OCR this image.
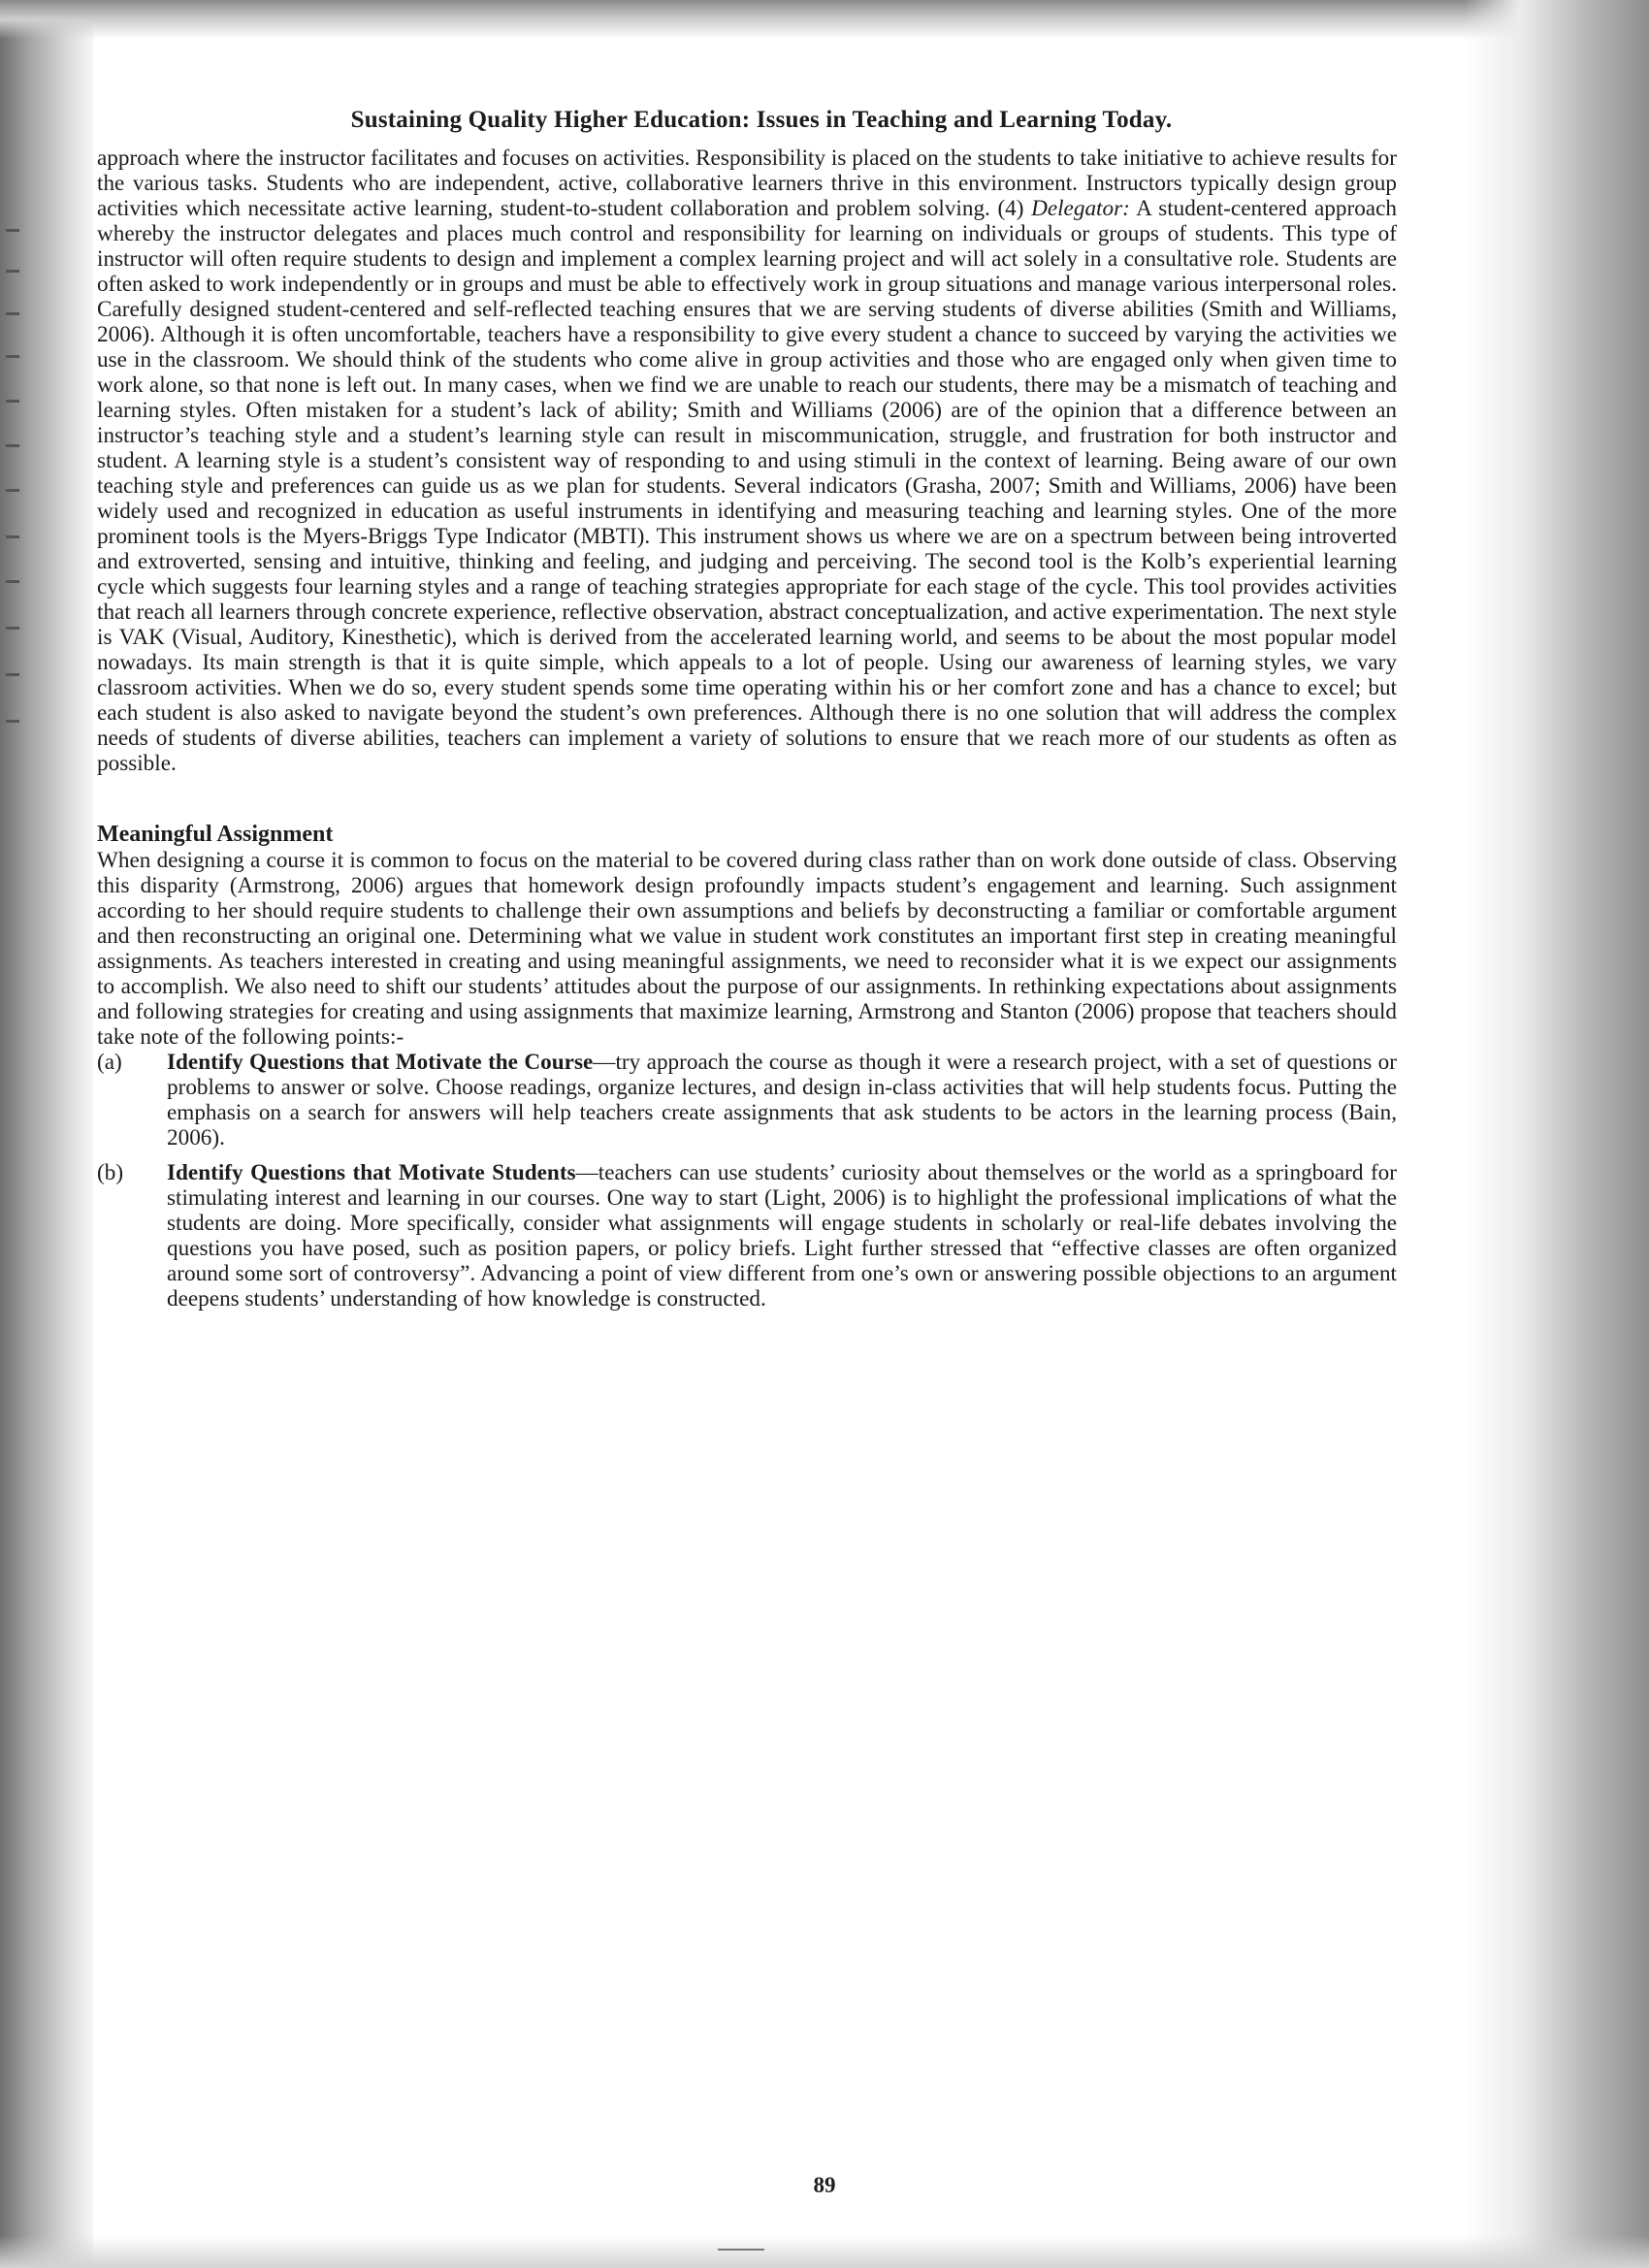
Sustaining Quality Higher Education: Issues in Teaching and Learning Today.

approach where the instructor facilitates and focuses on activities. Responsibility is placed on the students to take initiative to achieve results for the various tasks. Students who are independent, active, collaborative learners thrive in this environment. Instructors typically design group activities which necessitate active learning, student-to-student collaboration and problem solving. (4) Delegator: A student-centered approach whereby the instructor delegates and places much control and responsibility for learning on individuals or groups of students. This type of instructor will often require students to design and implement a complex learning project and will act solely in a consultative role. Students are often asked to work independently or in groups and must be able to effectively work in group situations and manage various interpersonal roles. Carefully designed student-centered and self-reflected teaching ensures that we are serving students of diverse abilities (Smith and Williams, 2006). Although it is often uncomfortable, teachers have a responsibility to give every student a chance to succeed by varying the activities we use in the classroom. We should think of the students who come alive in group activities and those who are engaged only when given time to work alone, so that none is left out. In many cases, when we find we are unable to reach our students, there may be a mismatch of teaching and learning styles. Often mistaken for a student’s lack of ability; Smith and Williams (2006) are of the opinion that a difference between an instructor’s teaching style and a student’s learning style can result in miscommunication, struggle, and frustration for both instructor and student. A learning style is a student’s consistent way of responding to and using stimuli in the context of learning. Being aware of our own teaching style and preferences can guide us as we plan for students. Several indicators (Grasha, 2007; Smith and Williams, 2006) have been widely used and recognized in education as useful instruments in identifying and measuring teaching and learning styles. One of the more prominent tools is the Myers-Briggs Type Indicator (MBTI). This instrument shows us where we are on a spectrum between being introverted and extroverted, sensing and intuitive, thinking and feeling, and judging and perceiving. The second tool is the Kolb’s experiential learning cycle which suggests four learning styles and a range of teaching strategies appropriate for each stage of the cycle. This tool provides activities that reach all learners through concrete experience, reflective observation, abstract conceptualization, and active experimentation. The next style is VAK (Visual, Auditory, Kinesthetic), which is derived from the accelerated learning world, and seems to be about the most popular model nowadays. Its main strength is that it is quite simple, which appeals to a lot of people. Using our awareness of learning styles, we vary classroom activities. When we do so, every student spends some time operating within his or her comfort zone and has a chance to excel; but each student is also asked to navigate beyond the student’s own preferences. Although there is no one solution that will address the complex needs of students of diverse abilities, teachers can implement a variety of solutions to ensure that we reach more of our students as often as possible.

Meaningful Assignment

When designing a course it is common to focus on the material to be covered during class rather than on work done outside of class. Observing this disparity (Armstrong, 2006) argues that homework design profoundly impacts student’s engagement and learning. Such assignment according to her should require students to challenge their own assumptions and beliefs by deconstructing a familiar or comfortable argument and then reconstructing an original one. Determining what we value in student work constitutes an important first step in creating meaningful assignments. As teachers interested in creating and using meaningful assignments, we need to reconsider what it is we expect our assignments to accomplish. We also need to shift our students’ attitudes about the purpose of our assignments. In rethinking expectations about assignments and following strategies for creating and using assignments that maximize learning, Armstrong and Stanton (2006) propose that teachers should take note of the following points:-

(a) Identify Questions that Motivate the Course—try approach the course as though it were a research project, with a set of questions or problems to answer or solve. Choose readings, organize lectures, and design in-class activities that will help students focus. Putting the emphasis on a search for answers will help teachers create assignments that ask students to be actors in the learning process (Bain, 2006).
(b) Identify Questions that Motivate Students—teachers can use students’ curiosity about themselves or the world as a springboard for stimulating interest and learning in our courses. One way to start (Light, 2006) is to highlight the professional implications of what the students are doing. More specifically, consider what assignments will engage students in scholarly or real-life debates involving the questions you have posed, such as position papers, or policy briefs. Light further stressed that “effective classes are often organized around some sort of controversy”. Advancing a point of view different from one’s own or answering possible objections to an argument deepens students’ understanding of how knowledge is constructed.
89
